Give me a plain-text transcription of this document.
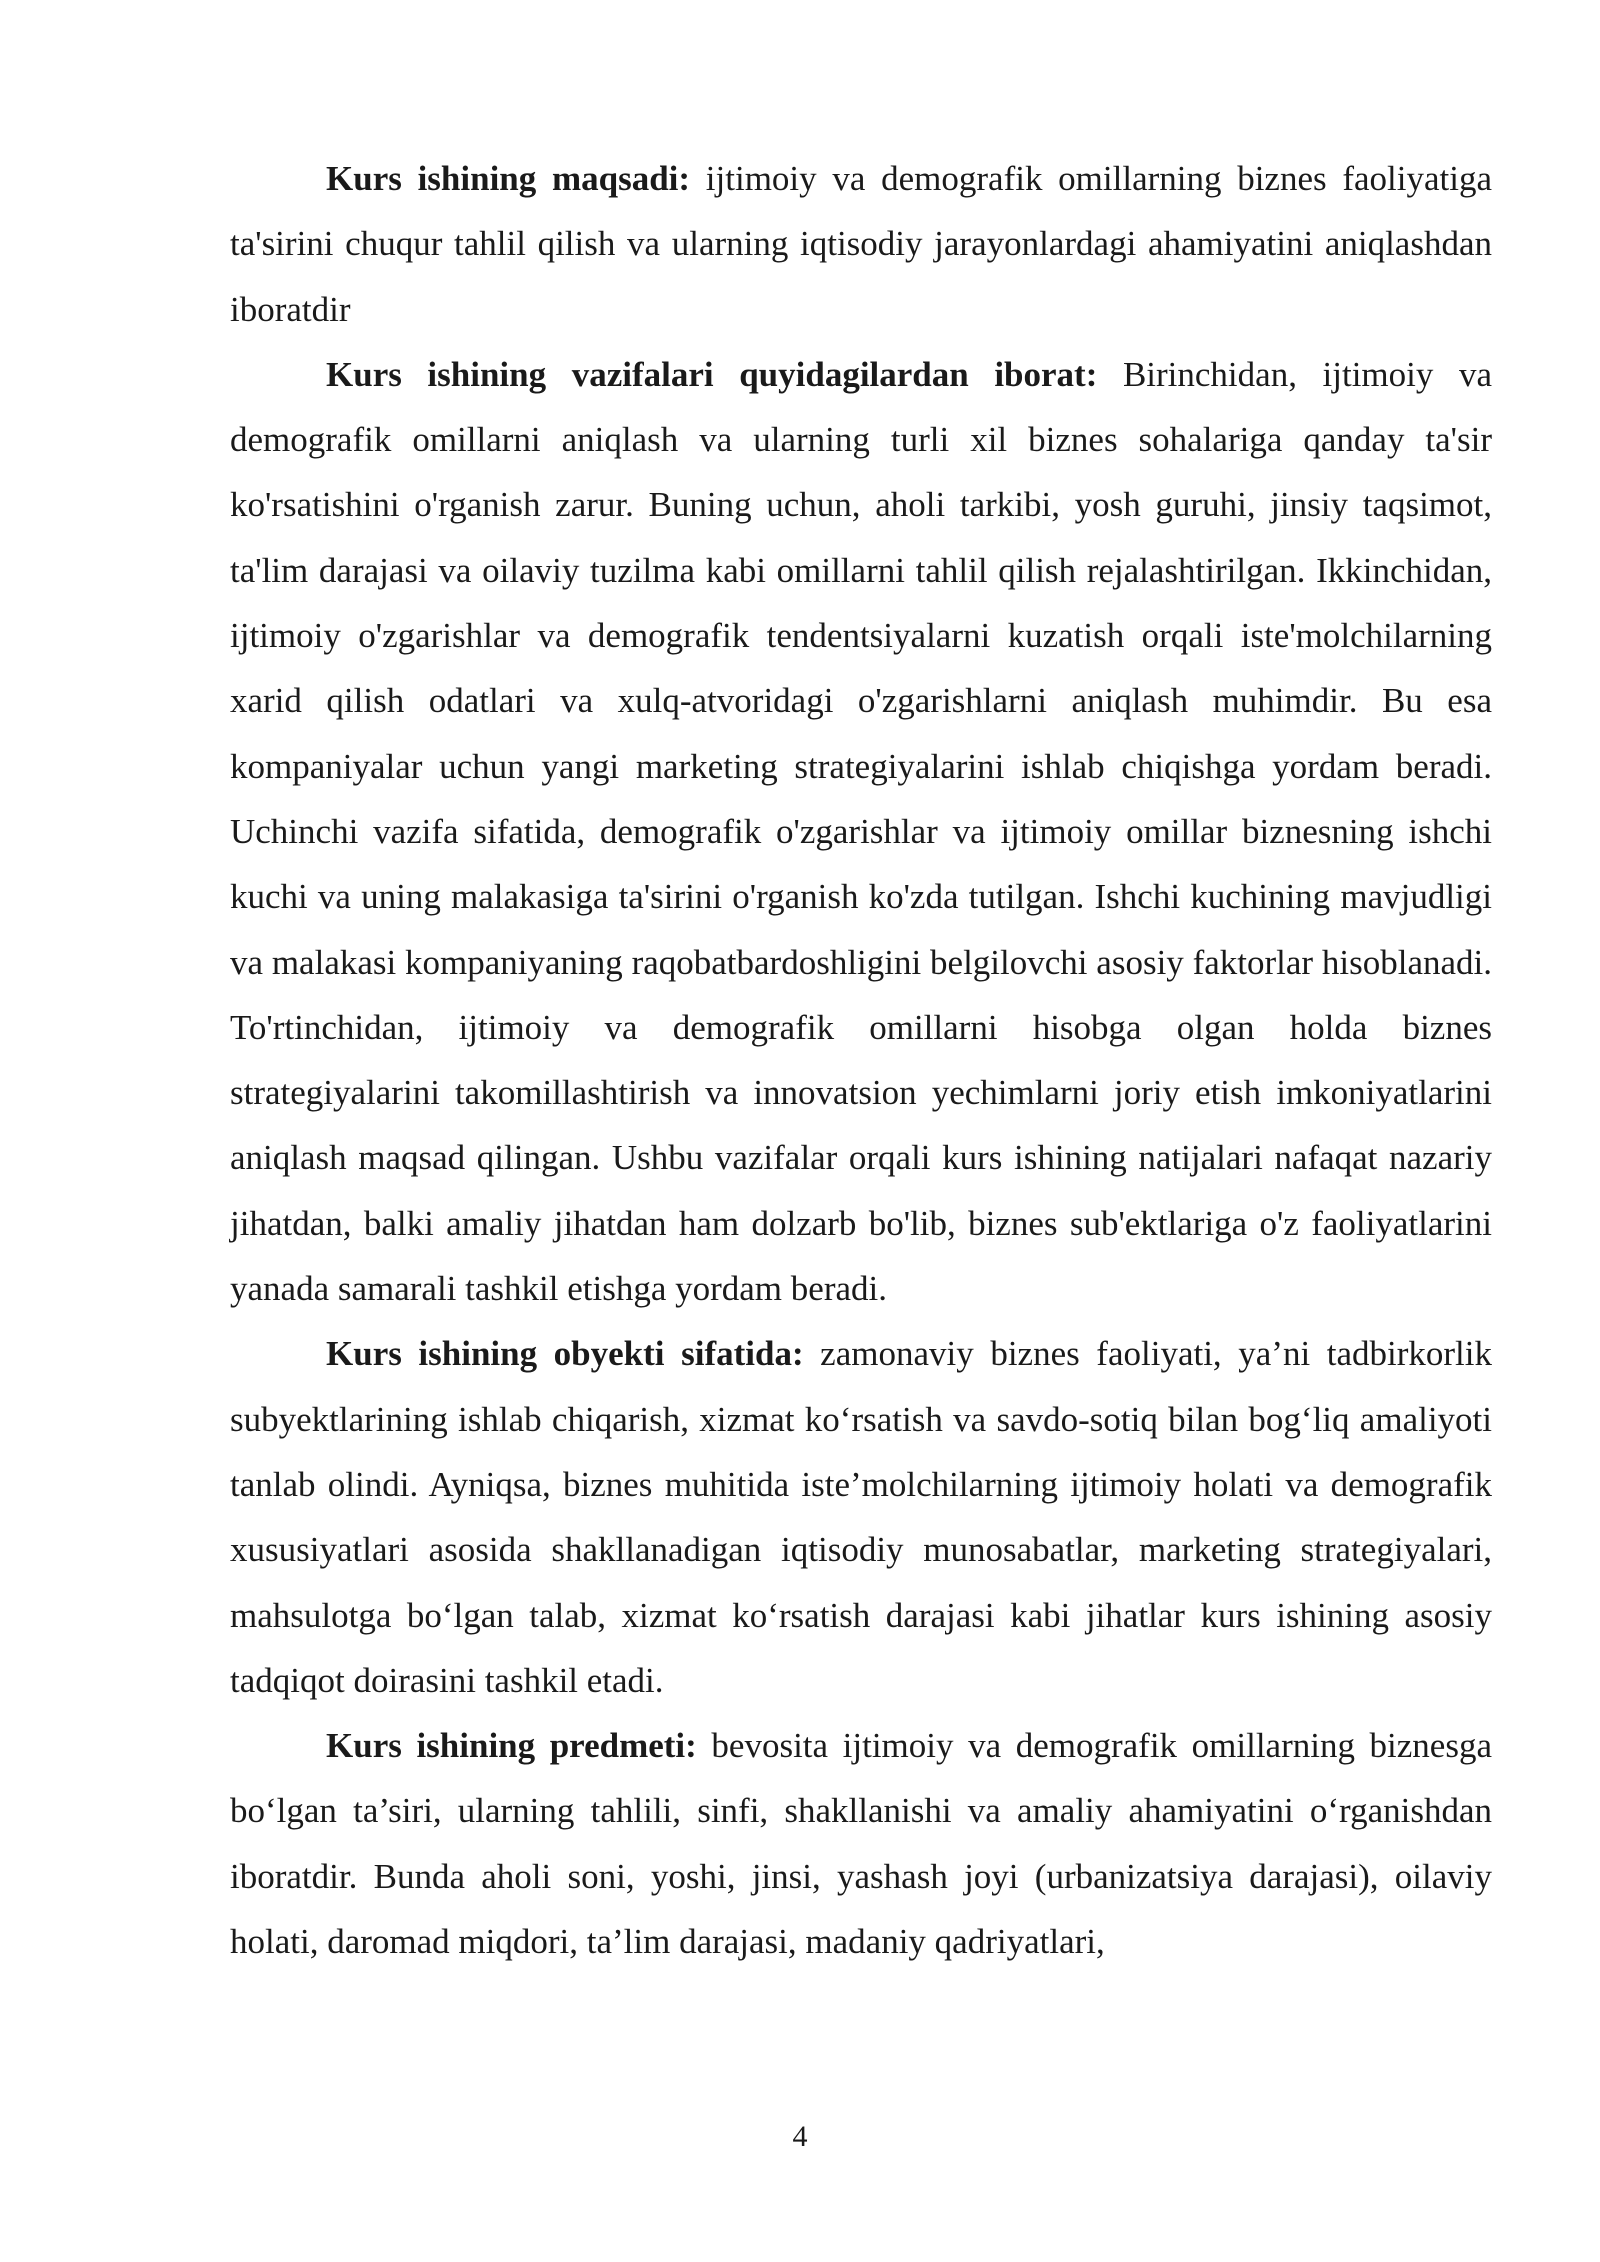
Kurs ishining maqsadi: ijtimoiy va demografik omillarning biznes faoliyatiga ta'sirini chuqur tahlil qilish va ularning iqtisodiy jarayonlardagi ahamiyatini aniqlashdan iboratdir

Kurs ishining vazifalari quyidagilardan iborat: Birinchidan, ijtimoiy va demografik omillarni aniqlash va ularning turli xil biznes sohalariga qanday ta'sir ko'rsatishini o'rganish zarur. Buning uchun, aholi tarkibi, yosh guruhi, jinsiy taqsimot, ta'lim darajasi va oilaviy tuzilma kabi omillarni tahlil qilish rejalashtirilgan. Ikkinchidan, ijtimoiy o'zgarishlar va demografik tendentsiyalarni kuzatish orqali iste'molchilarning xarid qilish odatlari va xulq-atvoridagi o'zgarishlarni aniqlash muhimdir. Bu esa kompaniyalar uchun yangi marketing strategiyalarini ishlab chiqishga yordam beradi. Uchinchi vazifa sifatida, demografik o'zgarishlar va ijtimoiy omillar biznesning ishchi kuchi va uning malakasiga ta'sirini o'rganish ko'zda tutilgan. Ishchi kuchining mavjudligi va malakasi kompaniyaning raqobatbardoshligini belgilovchi asosiy faktorlar hisoblanadi. To'rtinchidan, ijtimoiy va demografik omillarni hisobga olgan holda biznes strategiyalarini takomillashtirish va innovatsion yechimlarni joriy etish imkoniyatlarini aniqlash maqsad qilingan. Ushbu vazifalar orqali kurs ishining natijalari nafaqat nazariy jihatdan, balki amaliy jihatdan ham dolzarb bo'lib, biznes sub'ektlariga o'z faoliyatlarini yanada samarali tashkil etishga yordam beradi.

Kurs ishining obyekti sifatida: zamonaviy biznes faoliyati, ya’ni tadbirkorlik subyektlarining ishlab chiqarish, xizmat ko‘rsatish va savdo-sotiq bilan bog‘liq amaliyoti tanlab olindi. Ayniqsa, biznes muhitida iste’molchilarning ijtimoiy holati va demografik xususiyatlari asosida shakllanadigan iqtisodiy munosabatlar, marketing strategiyalari, mahsulotga bo‘lgan talab, xizmat ko‘rsatish darajasi kabi jihatlar kurs ishining asosiy tadqiqot doirasini tashkil etadi.

Kurs ishining predmeti: bevosita ijtimoiy va demografik omillarning biznesga bo‘lgan ta’siri, ularning tahlili, sinfi, shakllanishi va amaliy ahamiyatini o‘rganishdan iboratdir. Bunda aholi soni, yoshi, jinsi, yashash joyi (urbanizatsiya darajasi), oilaviy holati, daromad miqdori, ta’lim darajasi, madaniy qadriyatlari,

4
